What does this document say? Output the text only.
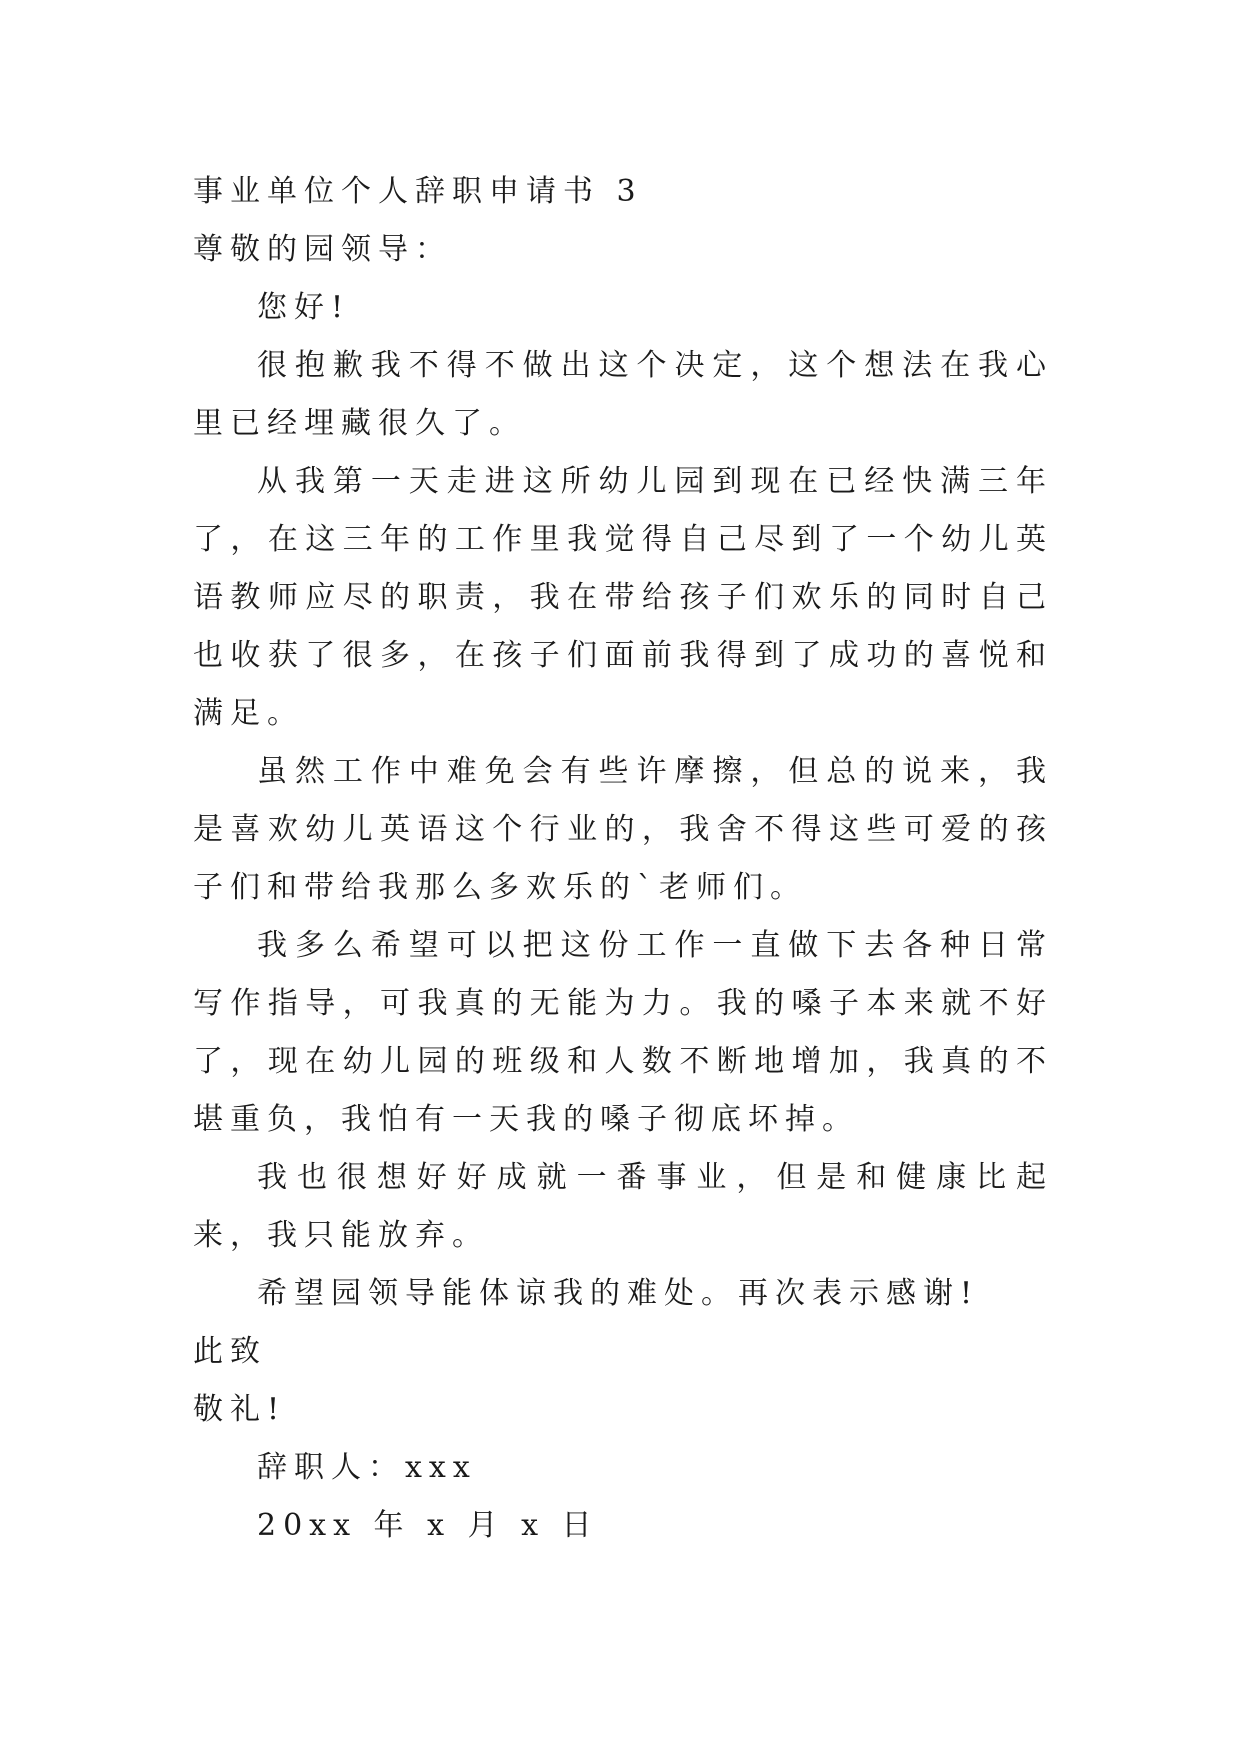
事业单位个人辞职申请书 3

尊敬的园领导：

您好!

很抱歉我不得不做出这个决定，这个想法在我心里已经埋藏很久了。

从我第一天走进这所幼儿园到现在已经快满三年了，在这三年的工作里我觉得自己尽到了一个幼儿英语教师应尽的职责，我在带给孩子们欢乐的同时自己也收获了很多，在孩子们面前我得到了成功的喜悦和满足。

虽然工作中难免会有些许摩擦，但总的说来，我是喜欢幼儿英语这个行业的，我舍不得这些可爱的孩子们和带给我那么多欢乐的`老师们。

我多么希望可以把这份工作一直做下去各种日常写作指导，可我真的无能为力。我的嗓子本来就不好了，现在幼儿园的班级和人数不断地增加，我真的不堪重负，我怕有一天我的嗓子彻底坏掉。

我也很想好好成就一番事业，但是和健康比起来，我只能放弃。

希望园领导能体谅我的难处。再次表示感谢!

此致

敬礼!

辞职人：xxx

20xx 年 x 月 x 日
